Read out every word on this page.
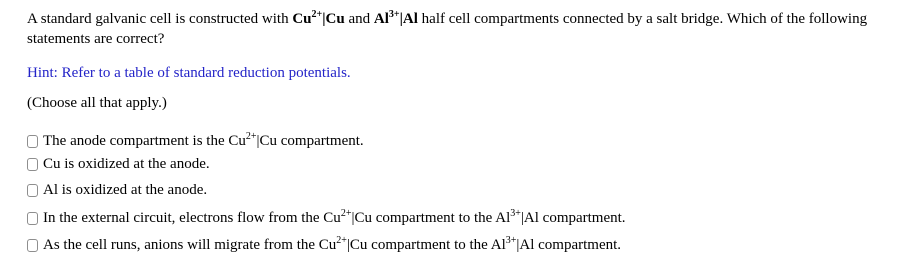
A standard galvanic cell is constructed with $Cu^{2+}|Cu$ and $Al^{3+}|Al$ half cell compartments connected by a salt bridge. Which of the following statements are correct?
Hint: Refer to a table of standard reduction potentials.
(Choose all that apply.)
The anode compartment is the $Cu^{2+}|Cu$ compartment.
Cu is oxidized at the anode.
Al is oxidized at the anode.
In the external circuit, electrons flow from the $Cu^{2+}|Cu$ compartment to the $Al^{3+}|Al$ compartment.
As the cell runs, anions will migrate from the $Cu^{2+}|Cu$ compartment to the $Al^{3+}|Al$ compartment.
